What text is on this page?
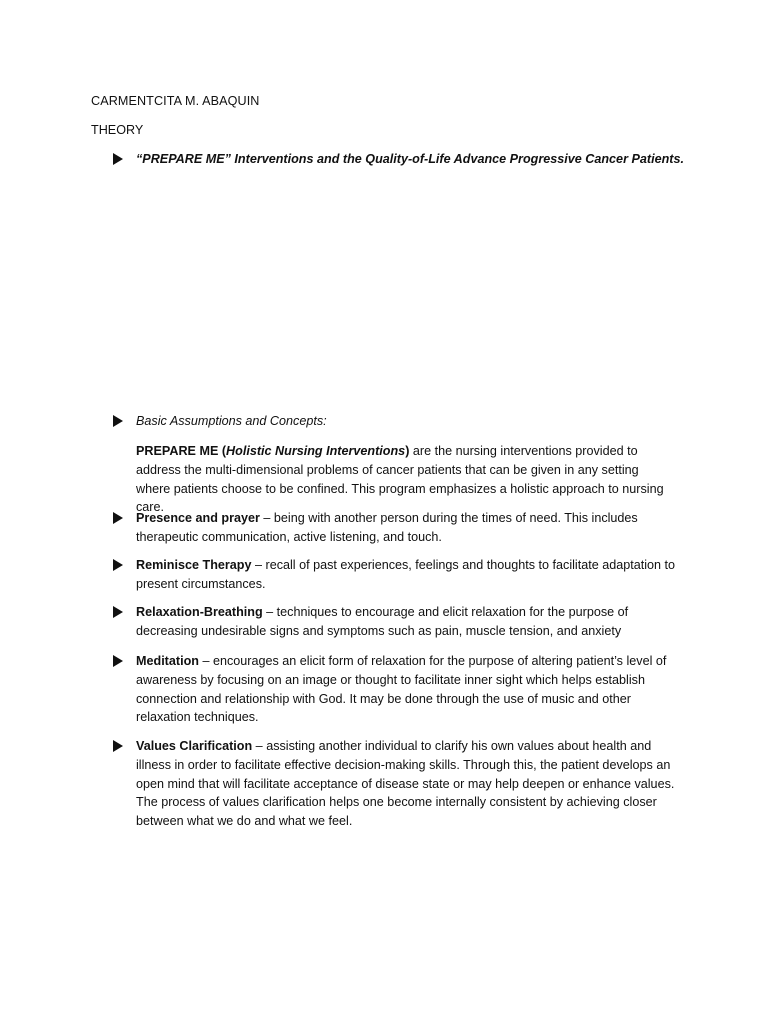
CARMENTCITA M. ABAQUIN
THEORY
“PREPARE ME” Interventions and the Quality-of-Life Advance Progressive Cancer Patients.
Basic Assumptions and Concepts:
PREPARE ME (Holistic Nursing Interventions) are the nursing interventions provided to address the multi-dimensional problems of cancer patients that can be given in any setting where patients choose to be confined. This program emphasizes a holistic approach to nursing care.
Presence and prayer – being with another person during the times of need. This includes therapeutic communication, active listening, and touch.
Reminisce Therapy – recall of past experiences, feelings and thoughts to facilitate adaptation to present circumstances.
Relaxation-Breathing – techniques to encourage and elicit relaxation for the purpose of decreasing undesirable signs and symptoms such as pain, muscle tension, and anxiety
Meditation – encourages an elicit form of relaxation for the purpose of altering patient’s level of awareness by focusing on an image or thought to facilitate inner sight which helps establish connection and relationship with God. It may be done through the use of music and other relaxation techniques.
Values Clarification – assisting another individual to clarify his own values about health and illness in order to facilitate effective decision-making skills. Through this, the patient develops an open mind that will facilitate acceptance of disease state or may help deepen or enhance values. The process of values clarification helps one become internally consistent by achieving closer between what we do and what we feel.
